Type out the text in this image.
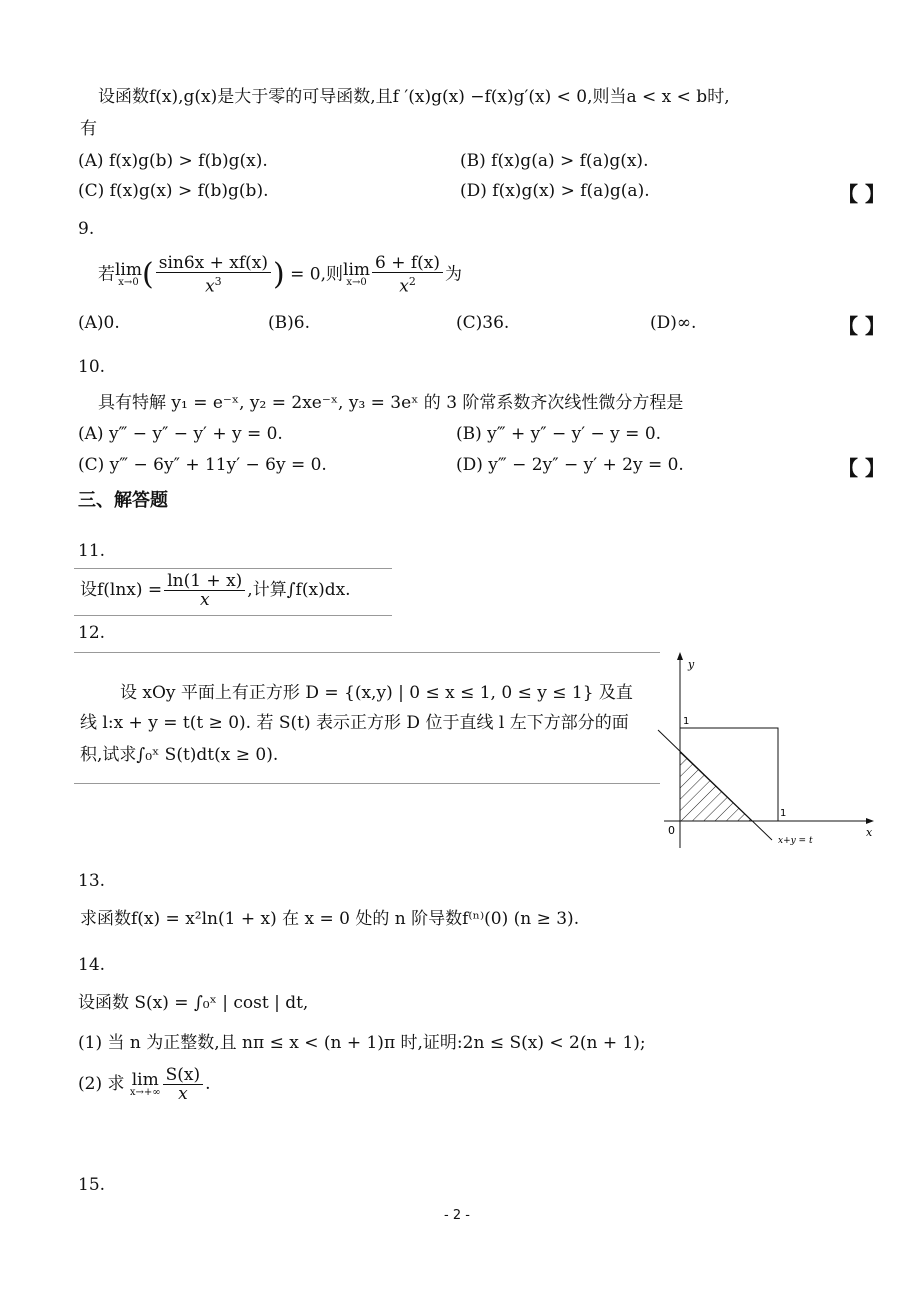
设函数f(x),g(x)是大于零的可导函数,且f ′(x)g(x) −f(x)g′(x) < 0,则当a < x < b时,
有
(A) f(x)g(b) > f(b)g(x).	(B) f(x)g(a) > f(a)g(x).
(C) f(x)g(x) > f(b)g(b).	(D) f(x)g(x) > f(a)g(a).	【 】
9.
若 lim
x→0 ( $\frac{\sin 6x + xf(x)}{x^3}$ ) = 0,则 lim
$x\to 0 \frac{6 + f(x)}{x^2}$ 为
(A)0.	(B)6.	(C)36.	(D)∞.	【 】
10.
具有特解 y₁ = e⁻ˣ, y₂ = 2xe⁻ˣ, y₃ = 3eˣ 的 3 阶常系数齐次线性微分方程是
(A) y‴ − y″ − y′ + y = 0.	(B) y‴ + y″ − y′ − y = 0.
(C) y‴ − 6y″ + 11y′ − 6y = 0.	(D) y‴ − 2y″ − y′ + 2y = 0.	【 】
三、解答题
11.
设$f(\ln x) = \frac{\ln(1 + x)}{x}$ ,计算∫f(x)dx.
12.
设 xOy 平面上有正方形 D = {(x,y) | 0 ≤ x ≤ 1, 0 ≤ y ≤ 1} 及直
线 l:x + y = t(t ≥ 0). 若 S(t) 表示正方形 D 位于直线 l 左下方部分的面
积,试求∫₀ˣ S(t)dt(x ≥ 0).
y
x
0
1
1
x+y = t
13.
求函数f(x) = x²ln(1 + x) 在 x = 0 处的 n 阶导数f⁽ⁿ⁾(0) (n ≥ 3).
14.
设函数 S(x) = ∫₀ˣ | cost | dt,
(1) 当 n 为正整数,且 nπ ≤ x < (n + 1)π 时,证明:2n ≤ S(x) < 2(n + 1);
(2) 求 lim
$x\to+\infty \frac{S(x)}{x}$ .
15.
- 2 -
